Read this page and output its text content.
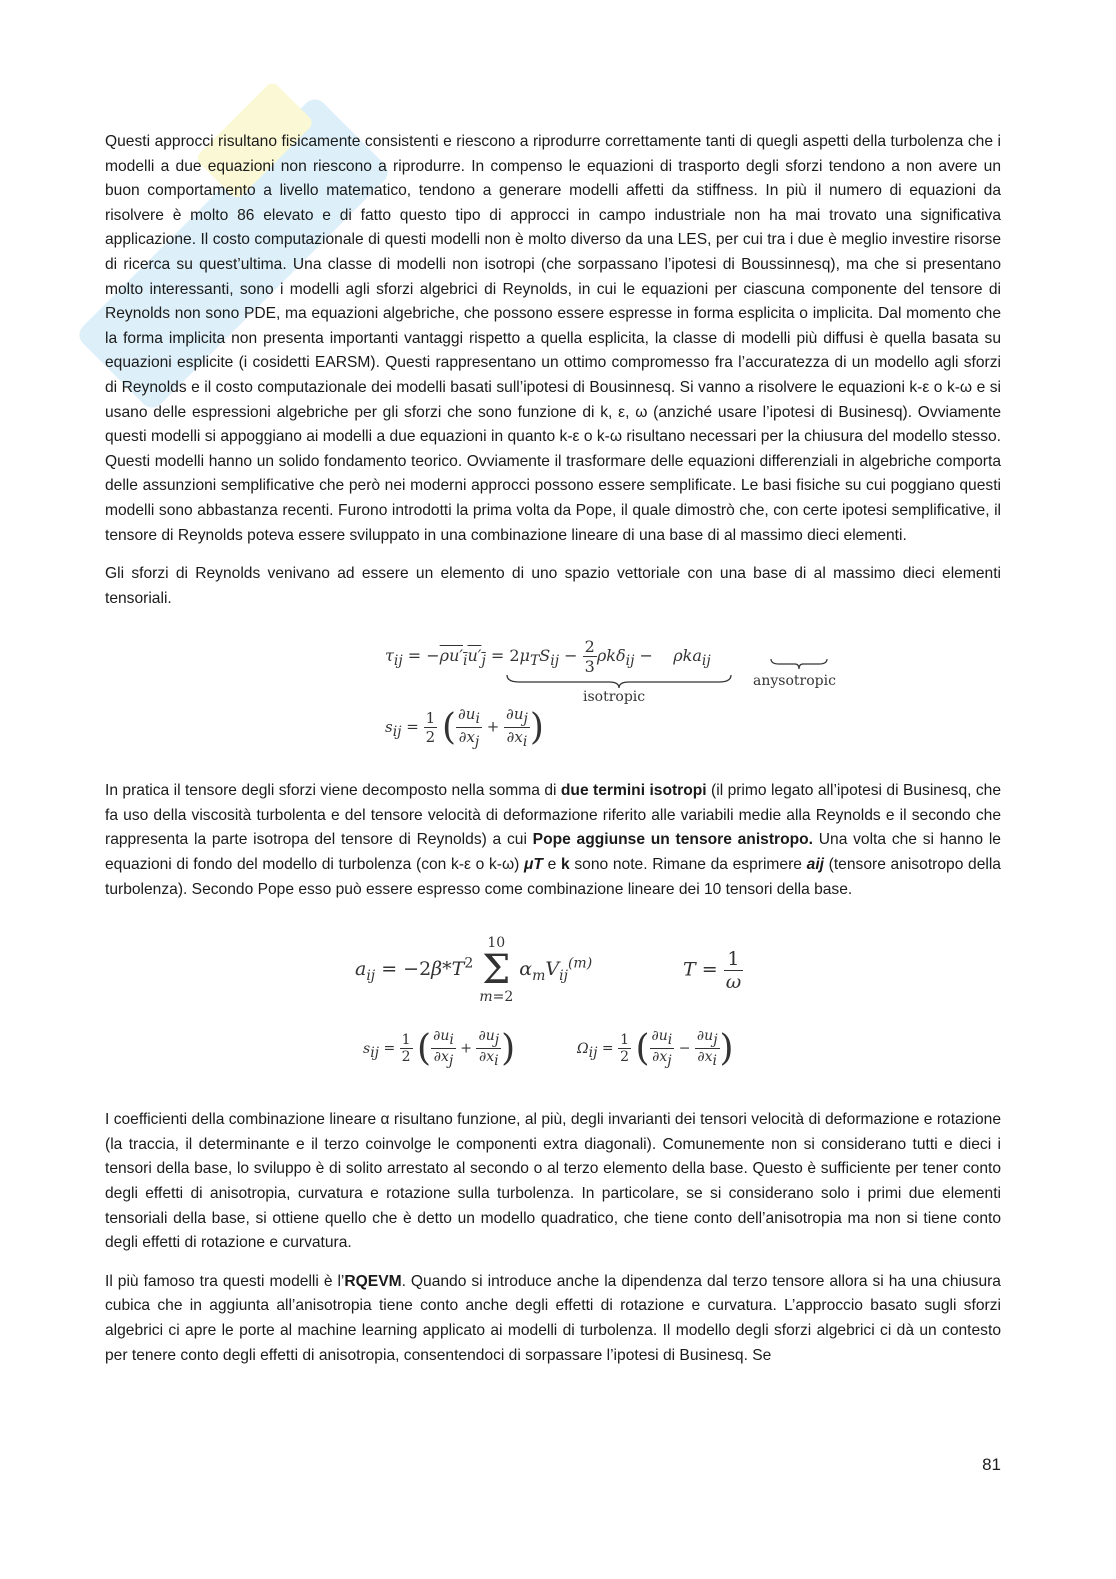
Questi approcci risultano fisicamente consistenti e riescono a riprodurre correttamente tanti di quegli aspetti della turbolenza che i modelli a due equazioni non riescono a riprodurre. In compenso le equazioni di trasporto degli sforzi tendono a non avere un buon comportamento a livello matematico, tendono a generare modelli affetti da stiffness. In più il numero di equazioni da risolvere è molto 86 elevato e di fatto questo tipo di approcci in campo industriale non ha mai trovato una significativa applicazione. Il costo computazionale di questi modelli non è molto diverso da una LES, per cui tra i due è meglio investire risorse di ricerca su quest’ultima. Una classe di modelli non isotropi (che sorpassano l’ipotesi di Boussinnesq), ma che si presentano molto interessanti, sono i modelli agli sforzi algebrici di Reynolds, in cui le equazioni per ciascuna componente del tensore di Reynolds non sono PDE, ma equazioni algebriche, che possono essere espresse in forma esplicita o implicita. Dal momento che la forma implicita non presenta importanti vantaggi rispetto a quella esplicita, la classe di modelli più diffusi è quella basata su equazioni esplicite (i cosidetti EARSM). Questi rappresentano un ottimo compromesso fra l’accuratezza di un modello agli sforzi di Reynolds e il costo computazionale dei modelli basati sull’ipotesi di Bousinnesq. Si vanno a risolvere le equazioni k-ε o k-ω e si usano delle espressioni algebriche per gli sforzi che sono funzione di k, ε, ω (anziché usare l’ipotesi di Businesq). Ovviamente questi modelli si appoggiano ai modelli a due equazioni in quanto k-ε o k-ω risultano necessari per la chiusura del modello stesso. Questi modelli hanno un solido fondamento teorico. Ovviamente il trasformare delle equazioni differenziali in algebriche comporta delle assunzioni semplificative che però nei moderni approcci possono essere semplificate. Le basi fisiche su cui poggiano questi modelli sono abbastanza recenti. Furono introdotti la prima volta da Pope, il quale dimostrò che, con certe ipotesi semplificative, il tensore di Reynolds poteva essere sviluppato in una combinazione lineare di una base di al massimo dieci elementi.

Gli sforzi di Reynolds venivano ad essere un elemento di uno spazio vettoriale con una base di al massimo dieci elementi tensoriali.

$\tau_{ij} = -\rho u'_iu'_j = 2\mu_TS_{ij} - \frac{2}{3} \rho k\delta_{ij}$ −    ρka$_{ij}$
isotropic
anysotropic
$s_{ij} = \frac{1}{2}$ ( $\frac{\partial u_i}{\partial x_j} + \frac{\partial u_j}{\partial x_i}$ )

In pratica il tensore degli sforzi viene decomposto nella somma di due termini isotropi (il primo legato all’ipotesi di Businesq, che fa uso della viscosità turbolenta e del tensore velocità di deformazione riferito alle variabili medie alla Reynolds e il secondo che rappresenta la parte isotropa del tensore di Reynolds) a cui Pope aggiunse un tensore anistropo. Una volta che si hanno le equazioni di fondo del modello di turbolenza (con k-ε o k-ω) μT e k sono note. Rimane da esprimere aij (tensore anisotropo della turbolenza). Secondo Pope esso può essere espresso come combinazione lineare dei 10 tensori della base.

$a_{ij} = -2\beta*T^2$
10
Σ
m=2
$\alpha_mV_{ij}^{(m)}$	$T = \frac{1}{\omega}$
$s_{ij} = \frac{1}{2}$ ( $\frac{\partial u_i}{\partial x_j} + \frac{\partial u_j}{\partial x_i}$ )	$\Omega_{ij} = \frac{1}{2}$ ( $\frac{\partial u_i}{\partial x_j} - \frac{\partial u_j}{\partial x_i}$ )

I coefficienti della combinazione lineare α risultano funzione, al più, degli invarianti dei tensori velocità di deformazione e rotazione (la traccia, il determinante e il terzo coinvolge le componenti extra diagonali). Comunemente non si considerano tutti e dieci i tensori della base, lo sviluppo è di solito arrestato al secondo o al terzo elemento della base. Questo è sufficiente per tener conto degli effetti di anisotropia, curvatura e rotazione sulla turbolenza. In particolare, se si considerano solo i primi due elementi tensoriali della base, si ottiene quello che è detto un modello quadratico, che tiene conto dell’anisotropia ma non si tiene conto degli effetti di rotazione e curvatura.

Il più famoso tra questi modelli è l’RQEVM. Quando si introduce anche la dipendenza dal terzo tensore allora si ha una chiusura cubica che in aggiunta all’anisotropia tiene conto anche degli effetti di rotazione e curvatura. L’approccio basato sugli sforzi algebrici ci apre le porte al machine learning applicato ai modelli di turbolenza. Il modello degli sforzi algebrici ci dà un contesto per tenere conto degli effetti di anisotropia, consentendoci di sorpassare l’ipotesi di Businesq. Se

81
